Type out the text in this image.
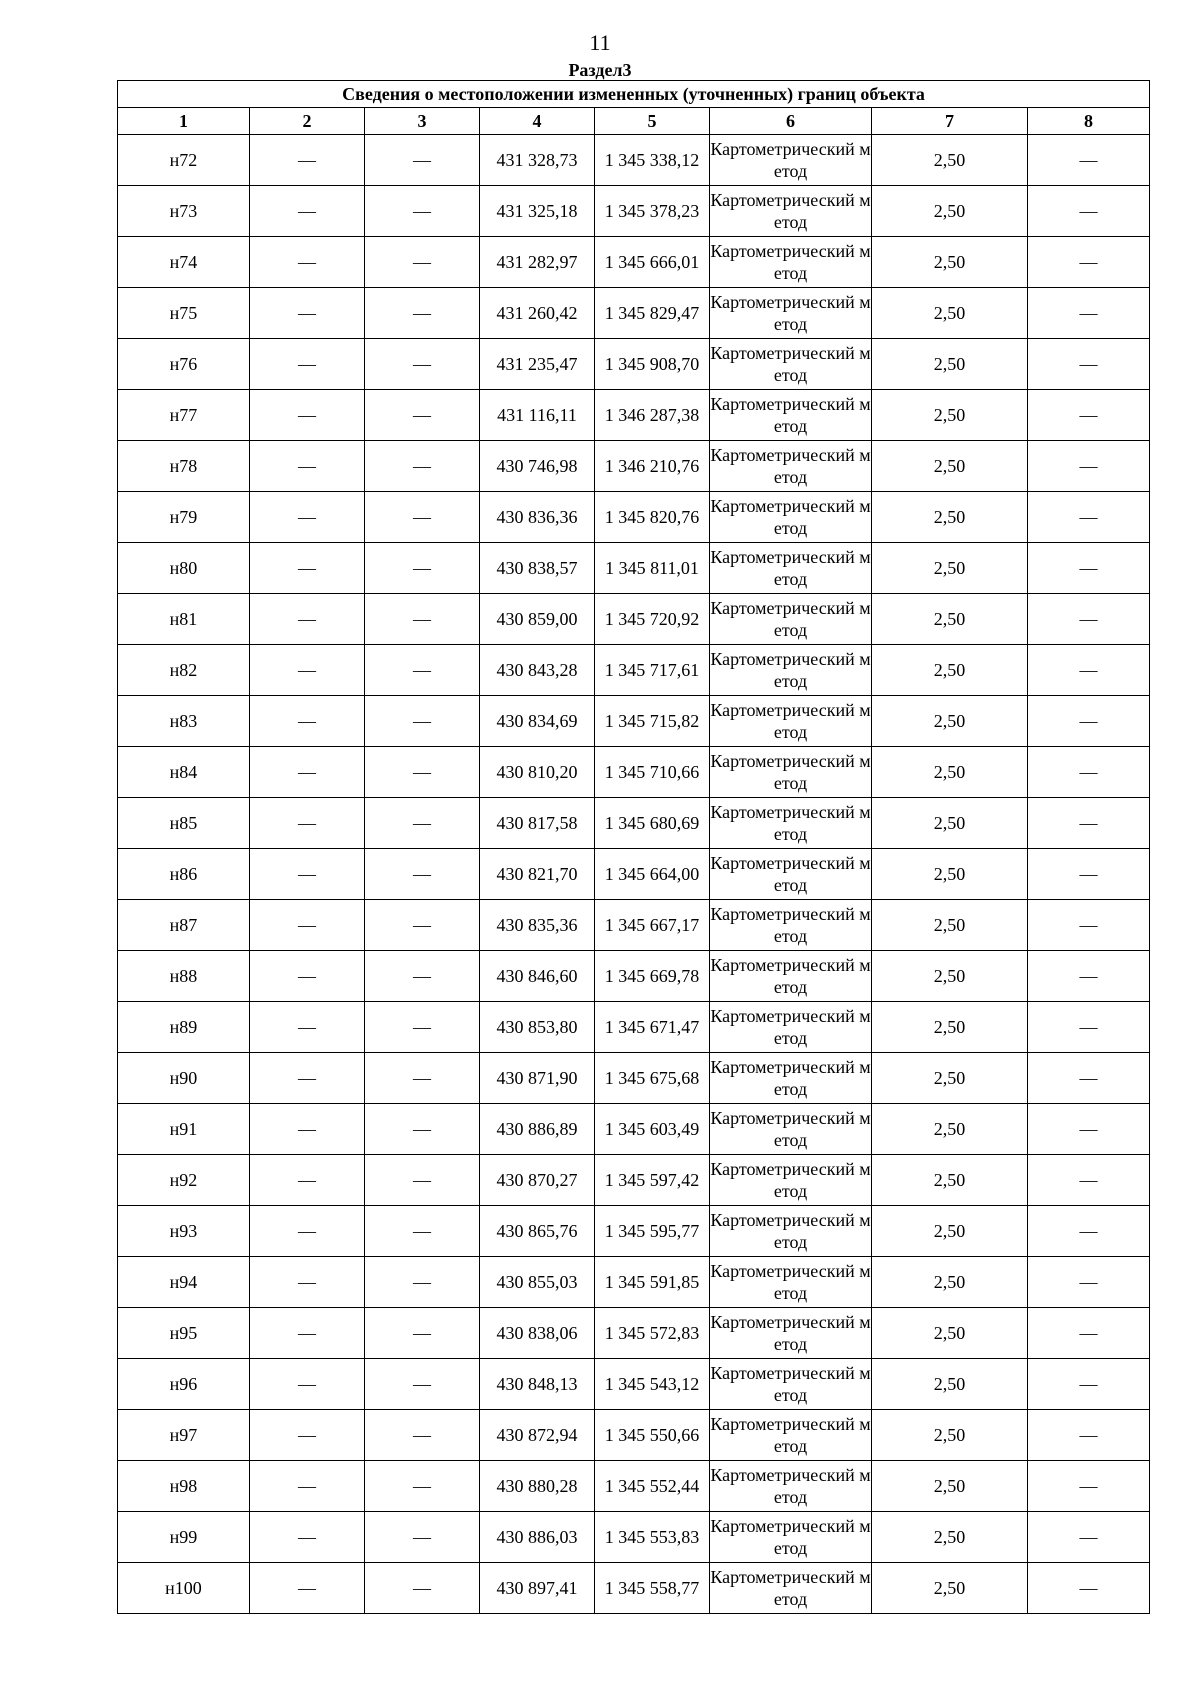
11
Раздел3
Сведения о местоположении измененных (уточненных) границ объекта							
1	2	3	4	5	6	7	8
н72	—	—	431 328,73	1 345 338,12	Картометрический метод	2,50	—
н73	—	—	431 325,18	1 345 378,23	Картометрический метод	2,50	—
н74	—	—	431 282,97	1 345 666,01	Картометрический метод	2,50	—
н75	—	—	431 260,42	1 345 829,47	Картометрический метод	2,50	—
н76	—	—	431 235,47	1 345 908,70	Картометрический метод	2,50	—
н77	—	—	431 116,11	1 346 287,38	Картометрический метод	2,50	—
н78	—	—	430 746,98	1 346 210,76	Картометрический метод	2,50	—
н79	—	—	430 836,36	1 345 820,76	Картометрический метод	2,50	—
н80	—	—	430 838,57	1 345 811,01	Картометрический метод	2,50	—
н81	—	—	430 859,00	1 345 720,92	Картометрический метод	2,50	—
н82	—	—	430 843,28	1 345 717,61	Картометрический метод	2,50	—
н83	—	—	430 834,69	1 345 715,82	Картометрический метод	2,50	—
н84	—	—	430 810,20	1 345 710,66	Картометрический метод	2,50	—
н85	—	—	430 817,58	1 345 680,69	Картометрический метод	2,50	—
н86	—	—	430 821,70	1 345 664,00	Картометрический метод	2,50	—
н87	—	—	430 835,36	1 345 667,17	Картометрический метод	2,50	—
н88	—	—	430 846,60	1 345 669,78	Картометрический метод	2,50	—
н89	—	—	430 853,80	1 345 671,47	Картометрический метод	2,50	—
н90	—	—	430 871,90	1 345 675,68	Картометрический метод	2,50	—
н91	—	—	430 886,89	1 345 603,49	Картометрический метод	2,50	—
н92	—	—	430 870,27	1 345 597,42	Картометрический метод	2,50	—
н93	—	—	430 865,76	1 345 595,77	Картометрический метод	2,50	—
н94	—	—	430 855,03	1 345 591,85	Картометрический метод	2,50	—
н95	—	—	430 838,06	1 345 572,83	Картометрический метод	2,50	—
н96	—	—	430 848,13	1 345 543,12	Картометрический метод	2,50	—
н97	—	—	430 872,94	1 345 550,66	Картометрический метод	2,50	—
н98	—	—	430 880,28	1 345 552,44	Картометрический метод	2,50	—
н99	—	—	430 886,03	1 345 553,83	Картометрический метод	2,50	—
н100	—	—	430 897,41	1 345 558,77	Картометрический метод	2,50	—
